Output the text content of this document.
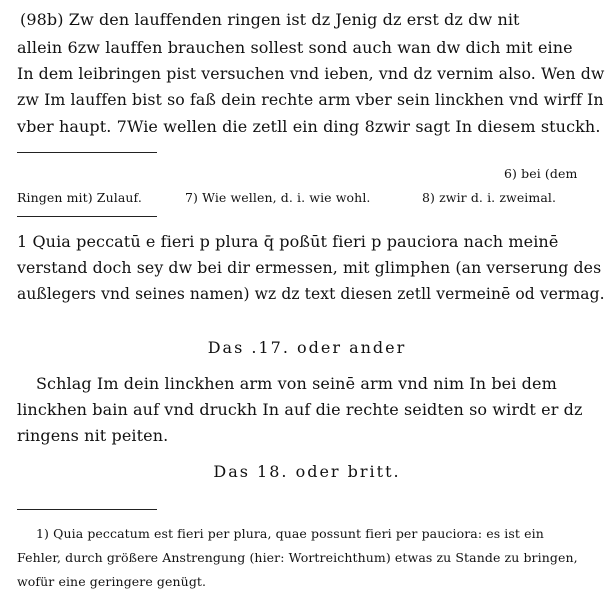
(98b) Zw den lauffenden ringen ist dz Jenig dz erst dz dw nit
allein 6zw lauffen brauchen sollest sond auch wan dw dich mit eine
In dem leibringen pist versuchen vnd ieben, vnd dz vernim also. Wen dw
zw Im lauffen bist so faß dein rechte arm vber sein linckhen vnd wirff In
vber haupt. 7Wie wellen die zetll ein ding 8zwir sagt In diesem stuckh.
6) bei (dem
Ringen mit) Zulauf.	7) Wie wellen, d. i. wie wohl.	8) zwir d. i. zweimal.
1 Quia peccatū e fieri p plura q̄ poßūt fieri p pauciora nach meinē
verstand doch sey dw bei dir ermessen, mit glimphen (an verserung des
außlegers vnd seines namen) wz dz text diesen zetll vermeinē od vermag.
Das .17. oder ander
Schlag Im dein linckhen arm von seinē arm vnd nim In bei dem
linckhen bain auf vnd druckh In auf die rechte seidten so wirdt er dz
ringens nit peiten.
Das 18. oder britt.
1) Quia peccatum est fieri per plura, quae possunt fieri per pauciora: es ist ein
Fehler, durch größere Anstrengung (hier: Wortreichthum) etwas zu Stande zu bringen,
wofür eine geringere genügt.
